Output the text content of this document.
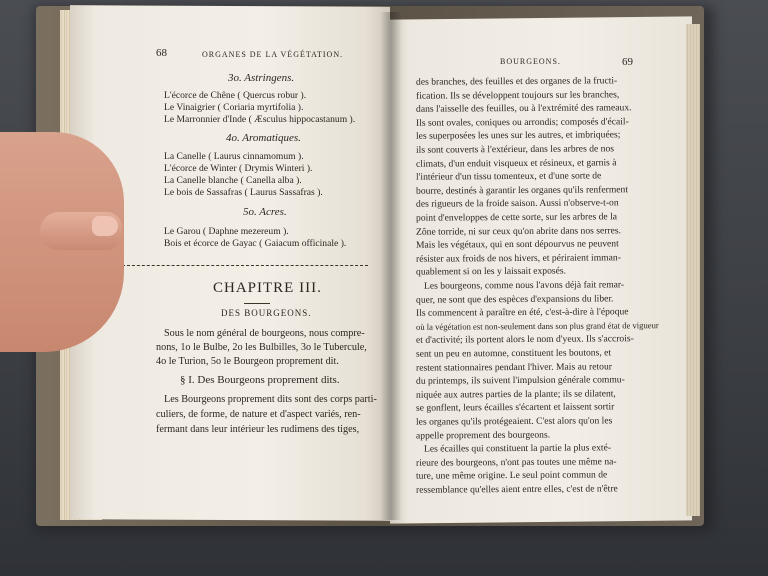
68	ORGANES DE LA VÉGÉTATION.
3o. Astringens.
L'écorce de Chêne ( Quercus robur ).
Le Vinaigrier ( Coriaria myrtifolia ).
Le Marronnier d'Inde ( Æsculus hippocastanum ).
4o. Aromatiques.
La Canelle ( Laurus cinnamomum ).
L'écorce de Winter ( Drymis Winteri ).
La Canelle blanche ( Canella alba ).
Le bois de Sassafras ( Laurus Sassafras ).
5o. Acres.
Le Garou ( Daphne mezereum ).
Bois et écorce de Gayac ( Gaiacum officinale ).
CHAPITRE III.
DES BOURGEONS.
Sous le nom général de bourgeons, nous compre-
nons, 1o le Bulbe, 2o les Bulbilles, 3o le Tubercule,
4o le Turion, 5o le Bourgeon proprement dit.
§ I. Des Bourgeons proprement dits.
Les Bourgeons proprement dits sont des corps parti-
culiers, de forme, de nature et d'aspect variés, ren-
fermant dans leur intérieur les rudimens des tiges,
BOURGEONS.	69
des branches, des feuilles et des organes de la fructi-
fication. Ils se développent toujours sur les branches,
dans l'aisselle des feuilles, ou à l'extrémité des rameaux.
Ils sont ovales, coniques ou arrondis; composés d'écail-
les superposées les unes sur les autres, et imbriquées;
ils sont couverts à l'extérieur, dans les arbres de nos
climats, d'un enduit visqueux et résineux, et garnis à
l'intérieur d'un tissu tomenteux, et d'une sorte de
bourre, destinés à garantir les organes qu'ils renferment
des rigueurs de la froide saison. Aussi n'observe-t-on
point d'enveloppes de cette sorte, sur les arbres de la
Zône torride, ni sur ceux qu'on abrite dans nos serres.
Mais les végétaux, qui en sont dépourvus ne peuvent
résister aux froids de nos hivers, et périraient imman-
quablement si on les y laissait exposés.
Les bourgeons, comme nous l'avons déjà fait remar-
quer, ne sont que des espèces d'expansions du liber.
Ils commencent à paraître en été, c'est-à-dire à l'époque
où la végétation est non-seulement dans son plus grand état de vigueur
et d'activité; ils portent alors le nom d'yeux. Ils s'accrois-
sent un peu en automne, constituent les boutons, et
restent stationnaires pendant l'hiver. Mais au retour
du printemps, ils suivent l'impulsion générale commu-
niquée aux autres parties de la plante; ils se dilatent,
se gonflent, leurs écailles s'écartent et laissent sortir
les organes qu'ils protégeaient. C'est alors qu'on les
appelle proprement des bourgeons.
Les écailles qui constituent la partie la plus exté-
rieure des bourgeons, n'ont pas toutes une même na-
ture, une même origine. Le seul point commun de
ressemblance qu'elles aient entre elles, c'est de n'être
